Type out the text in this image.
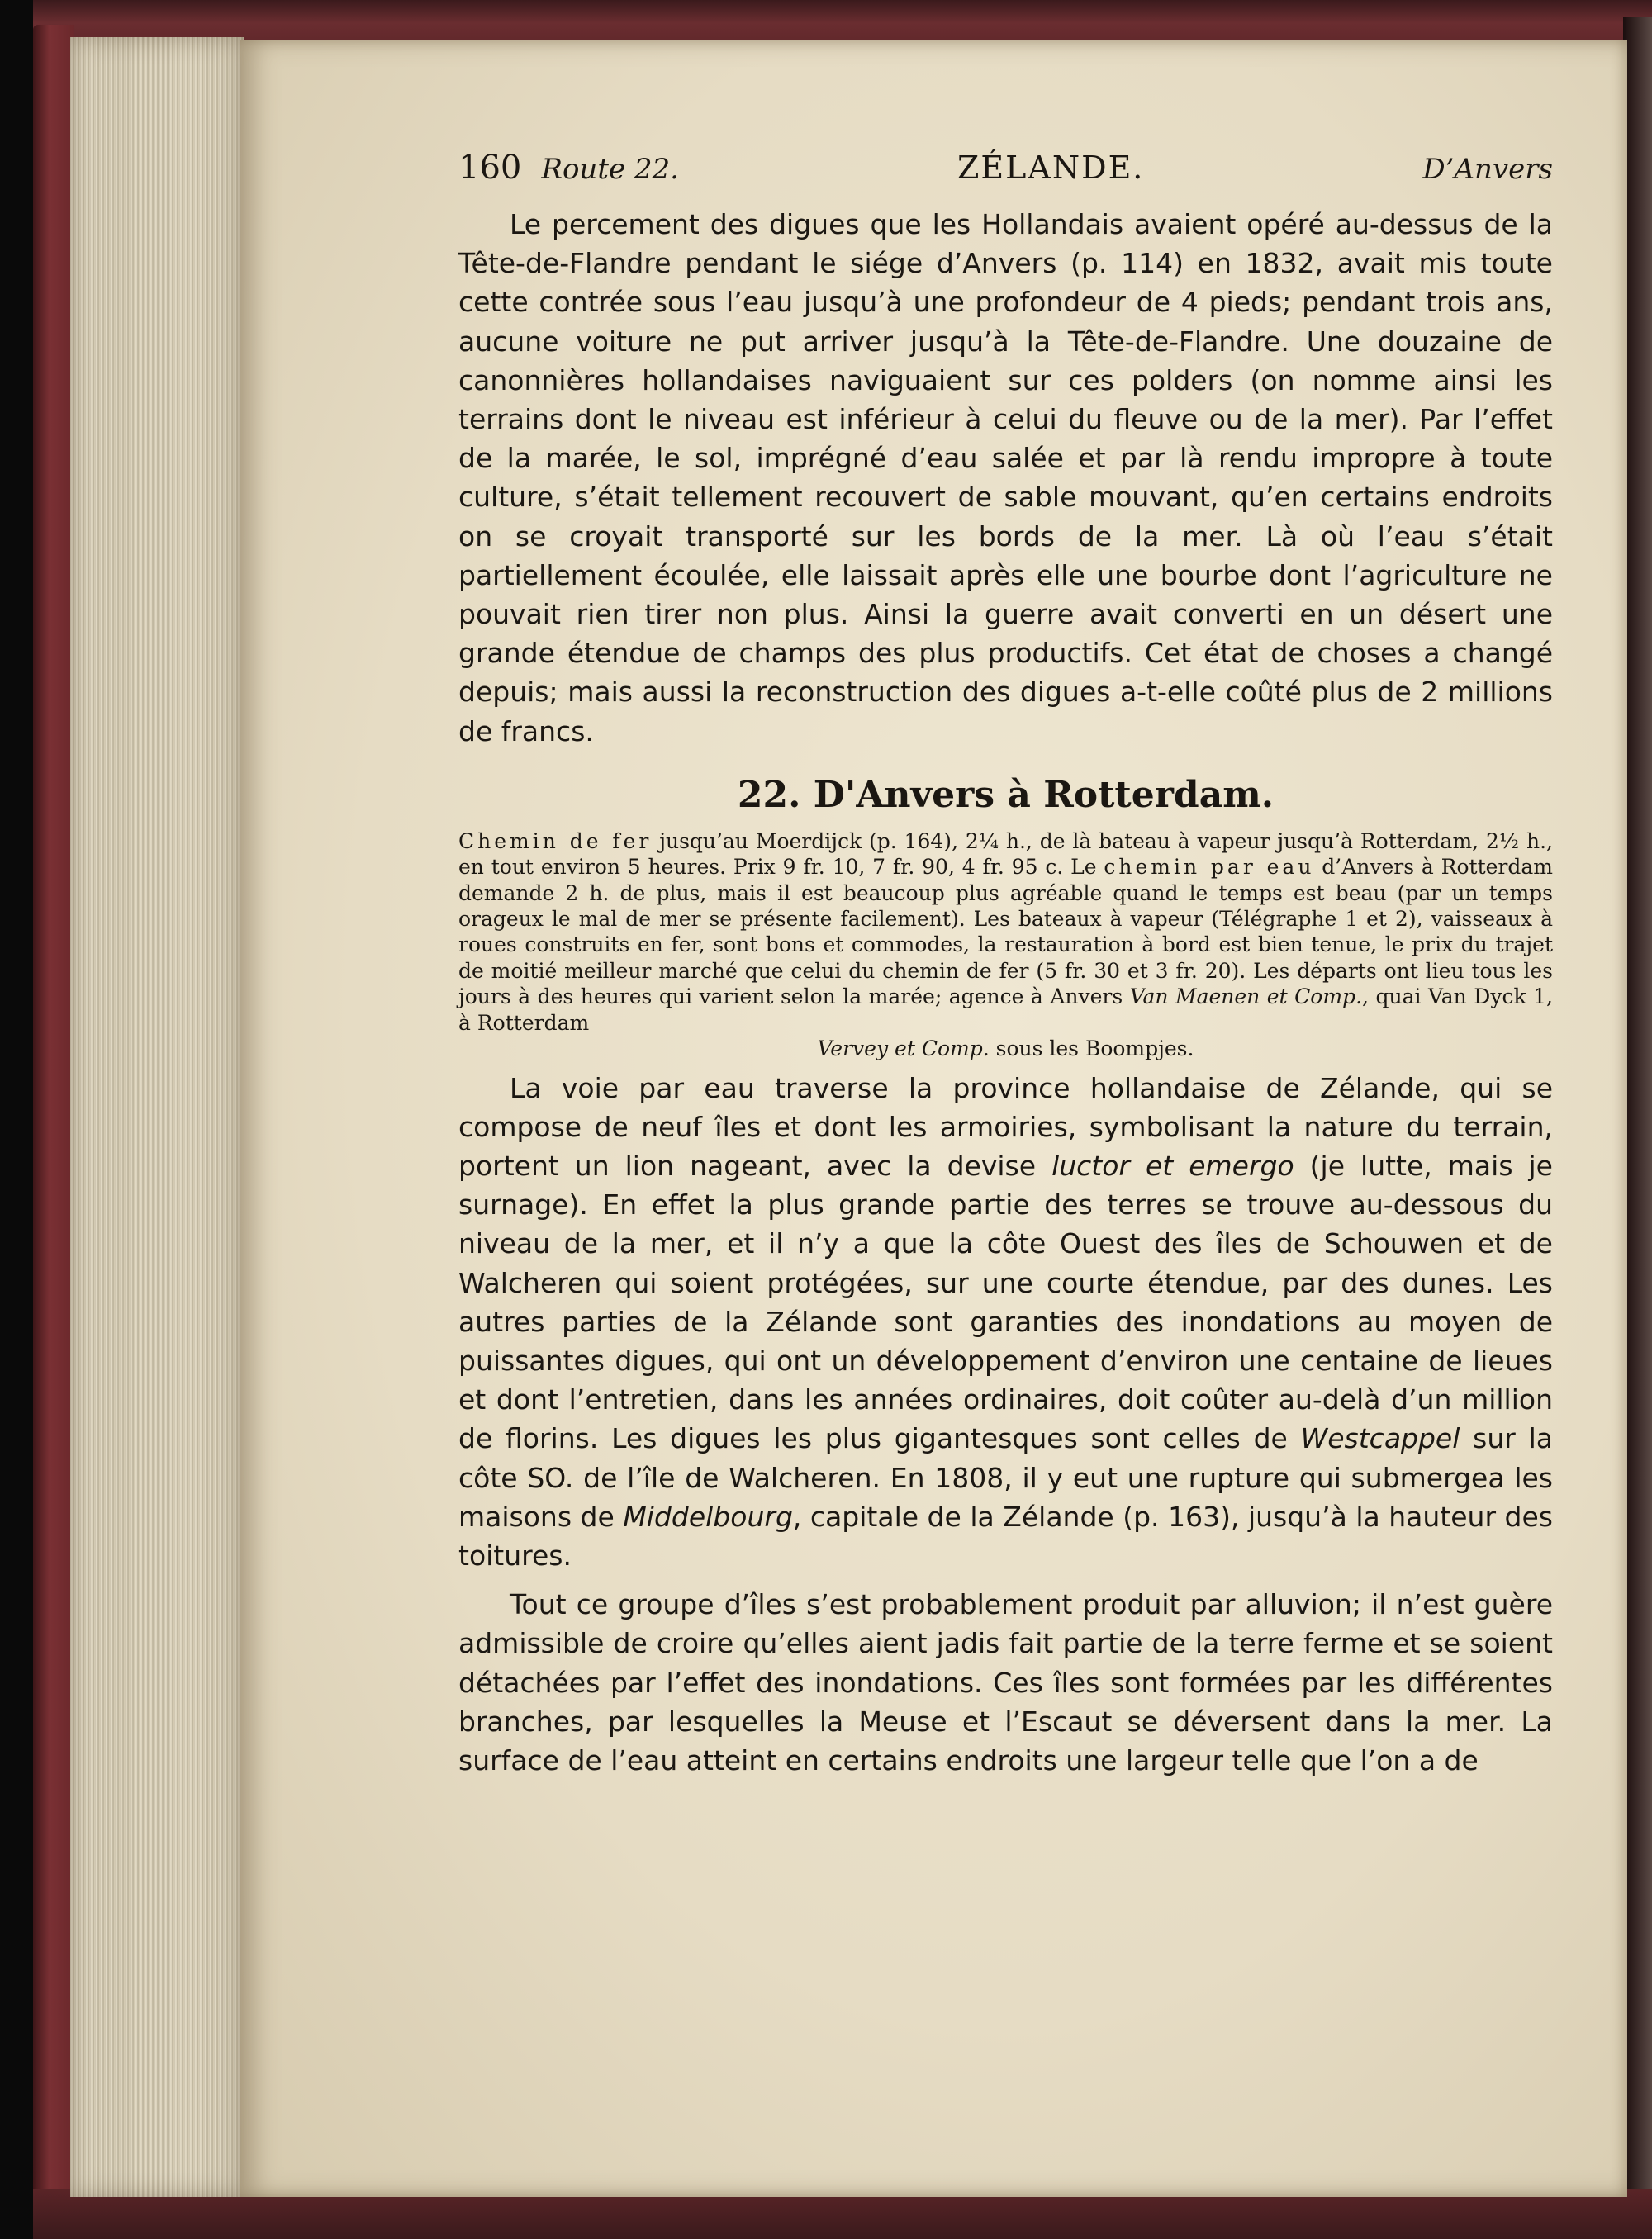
160 Route 22.	ZÉLANDE.	D’Anvers

Le percement des digues que les Hollandais avaient opéré au-dessus de la Tête-de-Flandre pendant le siége d’Anvers (p. 114) en 1832, avait mis toute cette contrée sous l’eau jusqu’à une profondeur de 4 pieds; pendant trois ans, aucune voiture ne put arriver jusqu’à la Tête-de-Flandre. Une douzaine de canonnières hollandaises naviguaient sur ces polders (on nomme ainsi les terrains dont le niveau est inférieur à celui du fleuve ou de la mer). Par l’effet de la marée, le sol, imprégné d’eau salée et par là rendu impropre à toute culture, s’était tellement recouvert de sable mouvant, qu’en certains endroits on se croyait transporté sur les bords de la mer. Là où l’eau s’était partiellement écoulée, elle laissait après elle une bourbe dont l’agriculture ne pouvait rien tirer non plus. Ainsi la guerre avait converti en un désert une grande étendue de champs des plus productifs. Cet état de choses a changé depuis; mais aussi la reconstruction des digues a-t-elle coûté plus de 2 millions de francs.

22. D'Anvers à Rotterdam.

Chemin de fer jusqu’au Moerdijck (p. 164), 2¼ h., de là bateau à vapeur jusqu’à Rotterdam, 2½ h., en tout environ 5 heures. Prix 9 fr. 10, 7 fr. 90, 4 fr. 95 c. Le chemin par eau d’Anvers à Rotterdam demande 2 h. de plus, mais il est beaucoup plus agréable quand le temps est beau (par un temps orageux le mal de mer se présente facilement). Les bateaux à vapeur (Télégraphe 1 et 2), vaisseaux à roues construits en fer, sont bons et commodes, la restauration à bord est bien tenue, le prix du trajet de moitié meilleur marché que celui du chemin de fer (5 fr. 30 et 3 fr. 20). Les départs ont lieu tous les jours à des heures qui varient selon la marée; agence à Anvers Van Maenen et Comp., quai Van Dyck 1, à Rotterdam
Vervey et Comp. sous les Boompjes.

La voie par eau traverse la province hollandaise de Zélande, qui se compose de neuf îles et dont les armoiries, symbolisant la nature du terrain, portent un lion nageant, avec la devise luctor et emergo (je lutte, mais je surnage). En effet la plus grande partie des terres se trouve au-dessous du niveau de la mer, et il n’y a que la côte Ouest des îles de Schouwen et de Walcheren qui soient protégées, sur une courte étendue, par des dunes. Les autres parties de la Zélande sont garanties des inondations au moyen de puissantes digues, qui ont un développement d’environ une centaine de lieues et dont l’entretien, dans les années ordinaires, doit coûter au-delà d’un million de florins. Les digues les plus gigantesques sont celles de Westcappel sur la côte SO. de l’île de Walcheren. En 1808, il y eut une rupture qui submergea les maisons de Middelbourg, capitale de la Zélande (p. 163), jusqu’à la hauteur des toitures.

Tout ce groupe d’îles s’est probablement produit par alluvion; il n’est guère admissible de croire qu’elles aient jadis fait partie de la terre ferme et se soient détachées par l’effet des inondations. Ces îles sont formées par les différentes branches, par lesquelles la Meuse et l’Escaut se déversent dans la mer. La surface de l’eau atteint en certains endroits une largeur telle que l’on a de
